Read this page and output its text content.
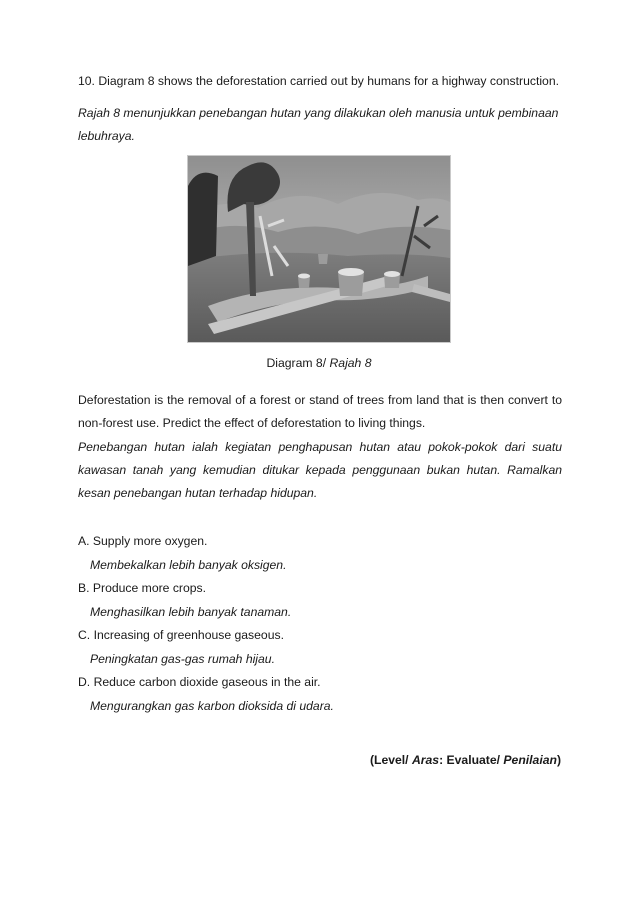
10. Diagram 8 shows the deforestation carried out by humans for a highway construction.

Rajah 8 menunjukkan penebangan hutan yang dilakukan oleh manusia untuk pembinaan lebuhraya.

Diagram 8/ Rajah 8

Deforestation is the removal of a forest or stand of trees from land that is then convert to non-forest use. Predict the effect of deforestation to living things.

Penebangan hutan ialah kegiatan penghapusan hutan atau pokok-pokok dari suatu kawasan tanah yang kemudian ditukar kepada penggunaan bukan hutan. Ramalkan kesan penebangan hutan terhadap hidupan.

A. Supply more oxygen.
Membekalkan lebih banyak oksigen.
B. Produce more crops.
Menghasilkan lebih banyak tanaman.
C. Increasing of greenhouse gaseous.
Peningkatan gas-gas rumah hijau.
D. Reduce carbon dioxide gaseous in the air.
Mengurangkan gas karbon dioksida di udara.
(Level/ Aras: Evaluate/ Penilaian)
